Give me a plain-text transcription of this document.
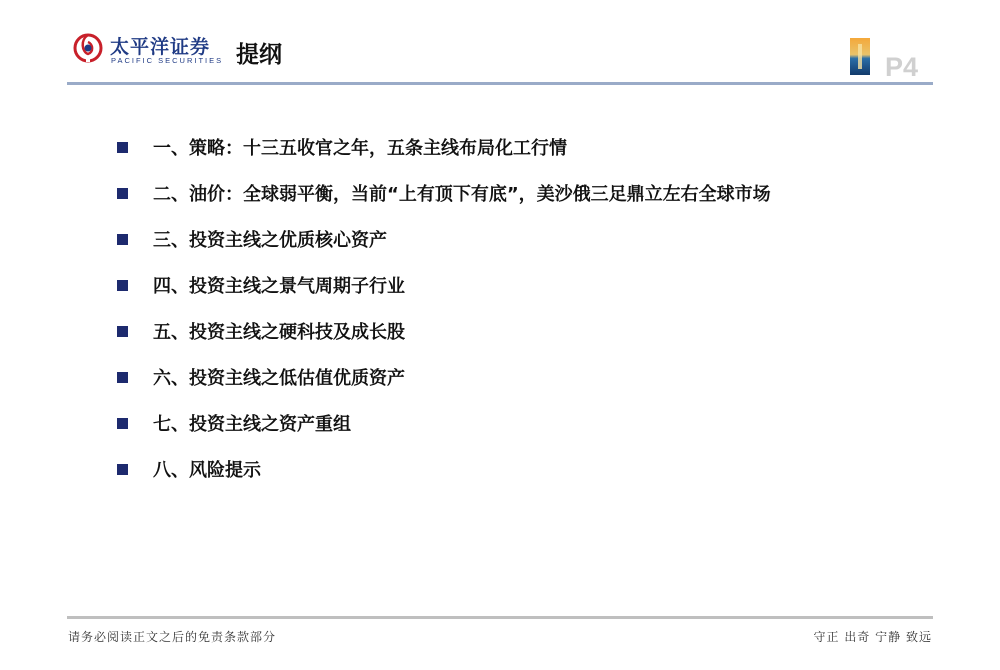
太平洋证券
PACIFIC SECURITIES 提纲	P4
一、策略：十三五收官之年，五条主线布局化工行情
二、油价：全球弱平衡，当前“上有顶下有底”，美沙俄三足鼎立左右全球市场
三、投资主线之优质核心资产
四、投资主线之景气周期子行业
五、投资主线之硬科技及成长股
六、投资主线之低估值优质资产
七、投资主线之资产重组
八、风险提示
请务必阅读正文之后的免责条款部分	守正 出奇 宁静 致远
